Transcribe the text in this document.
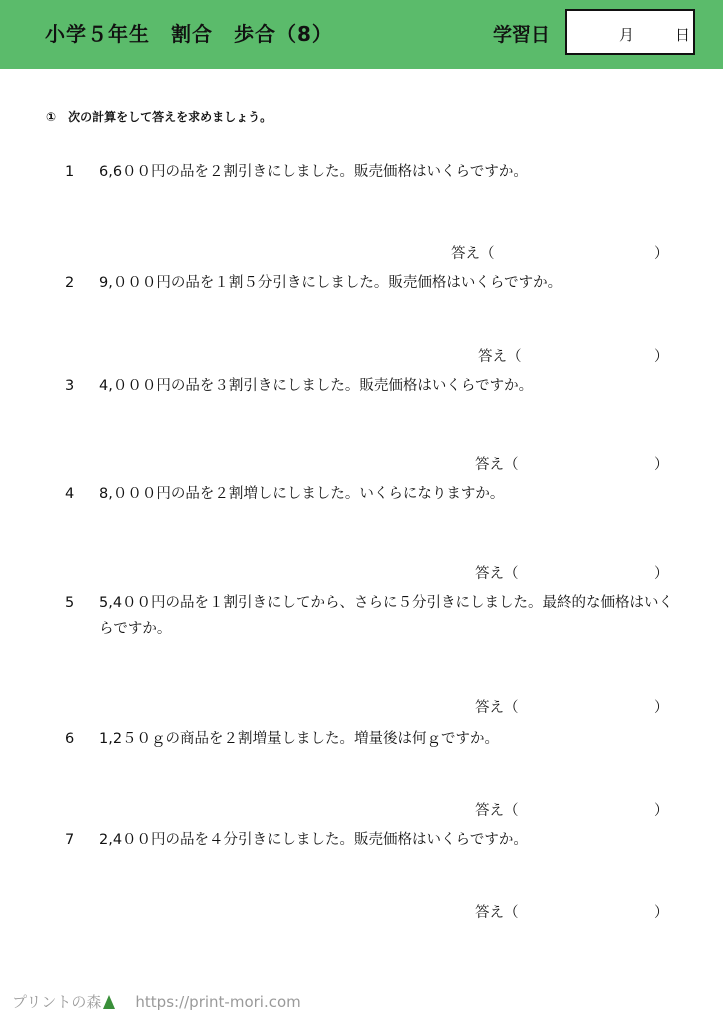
小学５年生　割合　歩合（8）	学習日	月	日
① 次の計算をして答えを求めましょう。
1	6,6００円の品を２割引きにしました。販売価格はいくらですか。
答え（	）
2	9,０００円の品を１割５分引きにしました。販売価格はいくらですか。
答え（	）
3	4,０００円の品を３割引きにしました。販売価格はいくらですか。
答え（	）
4	8,０００円の品を２割増しにしました。いくらになりますか。
答え（	）
5	5,4００円の品を１割引きにしてから、さらに５分引きにしました。最終的な価格はいくらですか。
答え（	）
6	1,2５０ｇの商品を２割増量しました。増量後は何ｇですか。
答え（	）
7	2,4００円の品を４分引きにしました。販売価格はいくらですか。
答え（	）
プリントの森 https://print-mori.com
